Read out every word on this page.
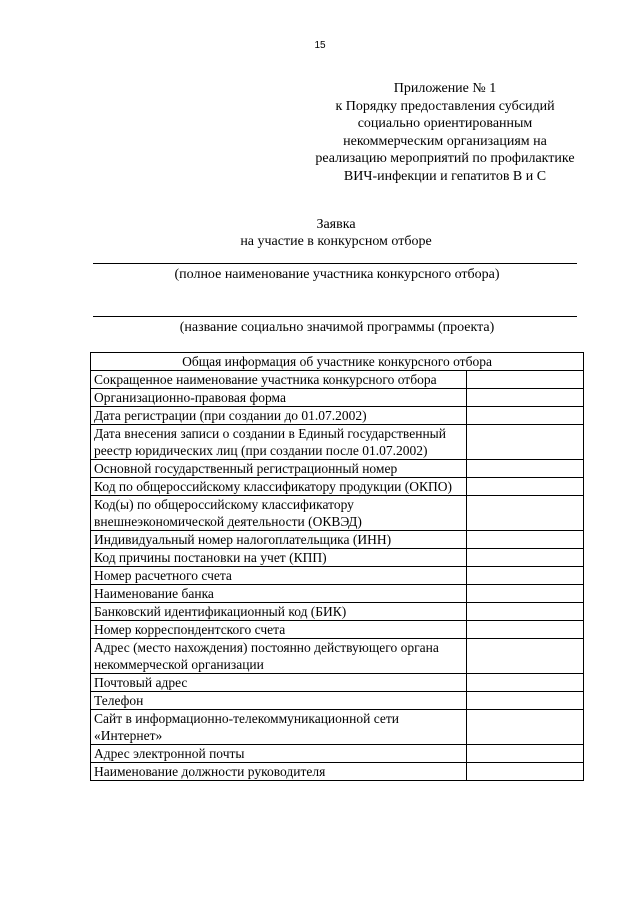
15
Приложение № 1
к Порядку предоставления субсидий
социально ориентированным
некоммерческим организациям на
реализацию мероприятий по профилактике
ВИЧ-инфекции и гепатитов В и С
Заявка
на участие в конкурсном отборе
(полное наименование участника конкурсного отбора)
(название социально значимой программы (проекта)
Общая информация об участнике конкурсного отбора	
Сокращенное наименование участника конкурсного отбора	
Организационно-правовая форма	
Дата регистрации (при создании до 01.07.2002)	
Дата внесения записи о создании в Единый государственный реестр юридических лиц (при создании после 01.07.2002)	
Основной государственный регистрационный номер	
Код по общероссийскому классификатору продукции (ОКПО)	
Код(ы) по общероссийскому классификатору внешнеэкономической деятельности (ОКВЭД)	
Индивидуальный номер налогоплательщика (ИНН)	
Код причины постановки на учет (КПП)	
Номер расчетного счета	
Наименование банка	
Банковский идентификационный код (БИК)	
Номер корреспондентского счета	
Адрес (место нахождения) постоянно действующего органа некоммерческой организации	
Почтовый адрес	
Телефон	
Сайт в информационно-телекоммуникационной сети «Интернет»	
Адрес электронной почты	
Наименование должности руководителя	
